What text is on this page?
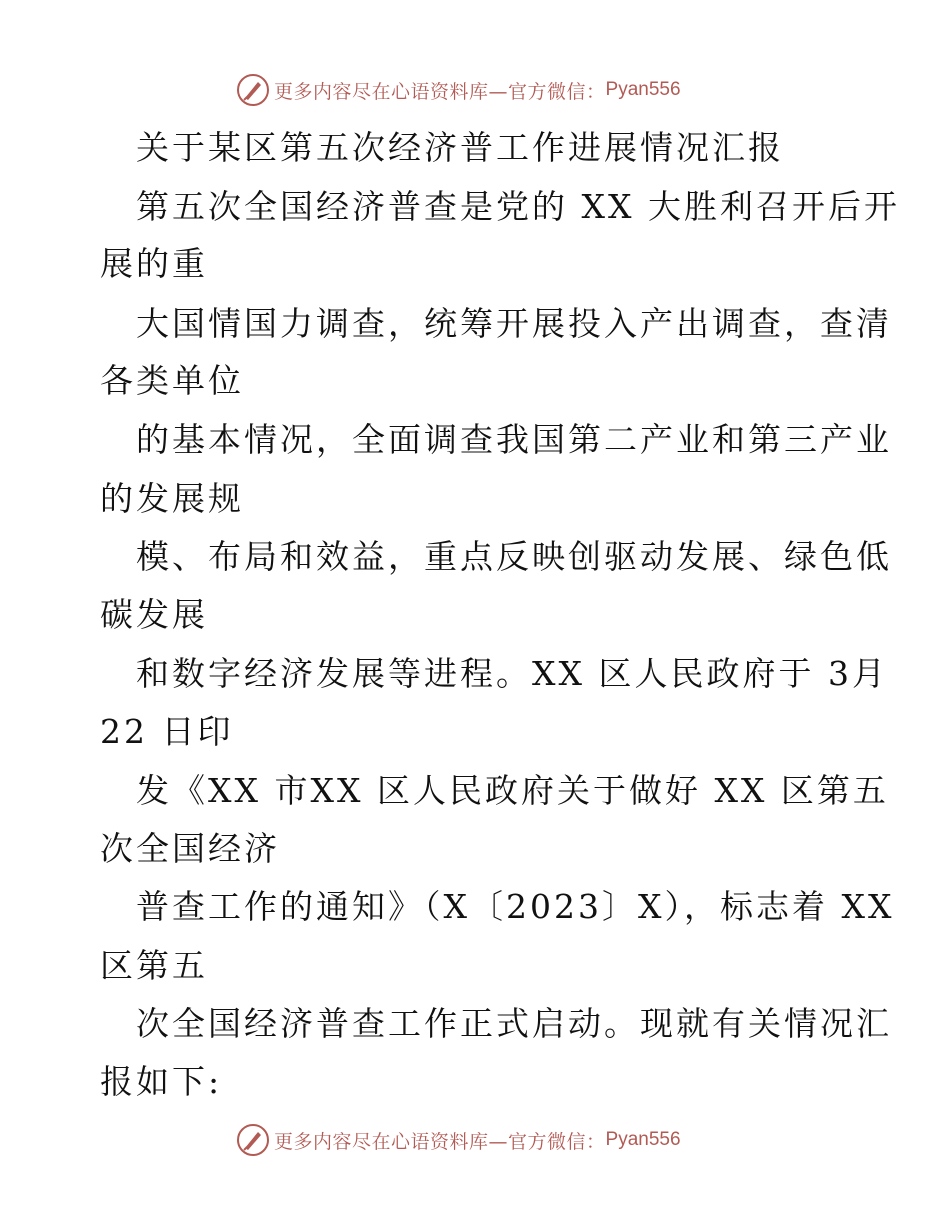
更多内容尽在心语资料库—官方微信： Pyan556
关于某区第五次经济普工作进展情况汇报
第五次全国经济普查是党的 XX 大胜利召开后开
展的重
大国情国力调查，统筹开展投入产出调查，查清
各类单位
的基本情况，全面调查我国第二产业和第三产业
的发展规
模、布局和效益，重点反映创驱动发展、绿色低
碳发展
和数字经济发展等进程。XX 区人民政府于 3月
22 日印
发《XX 市XX 区人民政府关于做好 XX 区第五
次全国经济
普查工作的通知》（X〔2023〕X），标志着 XX
区第五
次全国经济普查工作正式启动。现就有关情况汇
报如下:
更多内容尽在心语资料库—官方微信： Pyan556
